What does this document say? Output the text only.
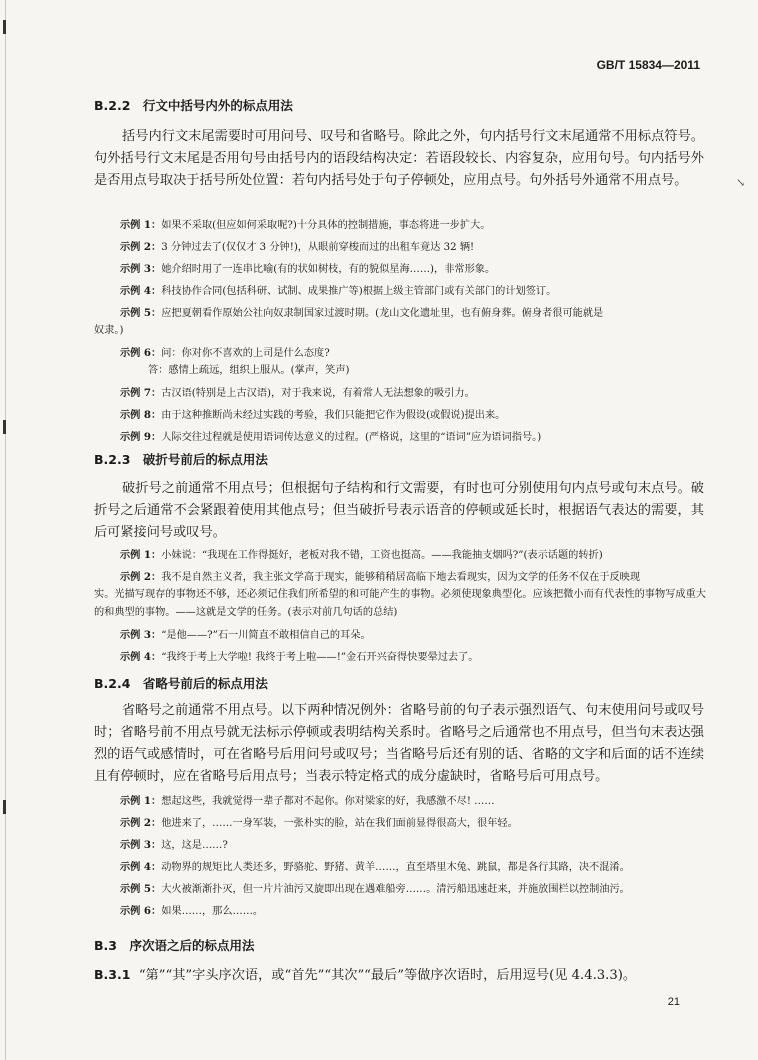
↘
GB/T 15834—2011
B.2.2　行文中括号内外的标点用法
括号内行文末尾需要时可用问号、叹号和省略号。除此之外，句内括号行文末尾通常不用标点符号。句外括号行文末尾是否用句号由括号内的语段结构决定：若语段较长、内容复杂，应用句号。句内括号外是否用点号取决于括号所处位置：若句内括号处于句子停顿处，应用点号。句外括号外通常不用点号。
示例 1：如果不采取(但应如何采取呢?)十分具体的控制措施，事态将进一步扩大。
示例 2：3 分钟过去了(仅仅才 3 分钟!)，从眼前穿梭而过的出租车竟达 32 辆!
示例 3：她介绍时用了一连串比喻(有的状如树枝，有的貌似星海……)，非常形象。
示例 4：科技协作合同(包括科研、试制、成果推广等)根据上级主管部门或有关部门的计划签订。
示例 5：应把夏朝看作原始公社向奴隶制国家过渡时期。(龙山文化遗址里，也有俯身葬。俯身者很可能就是
奴隶。)
示例 6：问：你对你不喜欢的上司是什么态度?
答：感情上疏远，组织上服从。(掌声，笑声)
示例 7：古汉语(特别是上古汉语)，对于我来说，有着常人无法想象的吸引力。
示例 8：由于这种推断尚未经过实践的考验，我们只能把它作为假设(或假说)提出来。
示例 9：人际交往过程就是使用语词传达意义的过程。(严格说，这里的“语词”应为语词指号。)
B.2.3　破折号前后的标点用法
破折号之前通常不用点号；但根据句子结构和行文需要，有时也可分别使用句内点号或句末点号。破折号之后通常不会紧跟着使用其他点号；但当破折号表示语音的停顿或延长时，根据语气表达的需要，其后可紧接问号或叹号。
示例 1：小妹说：“我现在工作得挺好，老板对我不错，工资也挺高。——我能抽支烟吗?”(表示话题的转折)
示例 2：我不是自然主义者，我主张文学高于现实，能够稍稍居高临下地去看现实，因为文学的任务不仅在于反映现
实。光描写现存的事物还不够，还必须记住我们所希望的和可能产生的事物。必须使现象典型化。应该把微小而有代表性的事物写成重大的和典型的事物。——这就是文学的任务。(表示对前几句话的总结)
示例 3：“是他——?”石一川简直不敢相信自己的耳朵。
示例 4：“我终于考上大学啦! 我终于考上啦——!”金石开兴奋得快要晕过去了。
B.2.4　省略号前后的标点用法
省略号之前通常不用点号。以下两种情况例外：省略号前的句子表示强烈语气、句末使用问号或叹号时；省略号前不用点号就无法标示停顿或表明结构关系时。省略号之后通常也不用点号，但当句末表达强烈的语气或感情时，可在省略号后用问号或叹号；当省略号后还有别的话、省略的文字和后面的话不连续且有停顿时，应在省略号后用点号；当表示特定格式的成分虚缺时，省略号后可用点号。
示例 1：想起这些，我就觉得一辈子都对不起你。你对梁家的好，我感激不尽! ……
示例 2：他进来了，……一身军装，一张朴实的脸，站在我们面前显得很高大，很年轻。
示例 3：这，这是……?
示例 4：动物界的规矩比人类还多，野骆驼、野猪、黄羊……，直至塔里木兔、跳鼠，都是各行其路，决不混淆。
示例 5：大火被渐渐扑灭，但一片片油污又旋即出现在遇难船旁……。清污船迅速赶来，并施放围栏以控制油污。
示例 6：如果……，那么……。
B.3　序次语之后的标点用法
B.3.1 “第”“其”字头序次语，或“首先”“其次”“最后”等做序次语时，后用逗号(见 4.4.3.3)。
21
